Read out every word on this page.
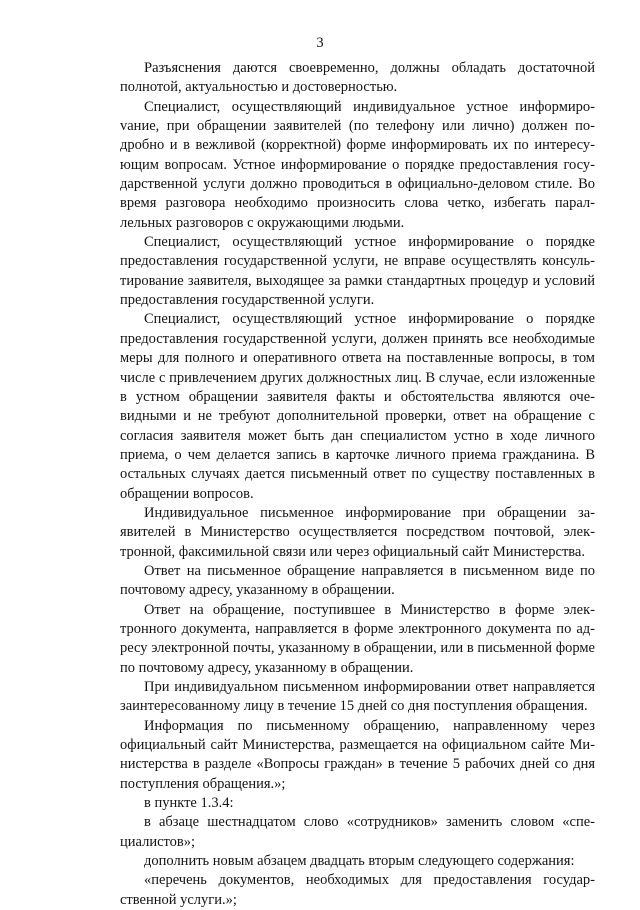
3

Разъяснения даются своевременно, должны обладать достаточной полнотой, актуальностью и достоверностью.

Специалист, осуществляющий индивидуальное устное информироvание, при обращении заявителей (по телефону или лично) должен подробно и в вежливой (корректной) форме информировать их по интересующим вопросам. Устное информирование о порядке предоставления государственной услуги должно проводиться в официально-деловом стиле. Во время разговора необходимо произносить слова четко, избегать параллельных разговоров с окружающими людьми.

Специалист, осуществляющий устное информирование о порядке предоставления государственной услуги, не вправе осуществлять консультирование заявителя, выходящее за рамки стандартных процедур и условий предоставления государственной услуги.

Специалист, осуществляющий устное информирование о порядке предоставления государственной услуги, должен принять все необходимые меры для полного и оперативного ответа на поставленные вопросы, в том числе с привлечением других должностных лиц. В случае, если изложенные в устном обращении заявителя факты и обстоятельства являются очевидными и не требуют дополнительной проверки, ответ на обращение с согласия заявителя может быть дан специалистом устно в ходе личного приема, о чем делается запись в карточке личного приема гражданина. В остальных случаях дается письменный ответ по существу поставленных в обращении вопросов.

Индивидуальное письменное информирование при обращении заявителей в Министерство осуществляется посредством почтовой, электронной, факсимильной связи или через официальный сайт Министерства.

Ответ на письменное обращение направляется в письменном виде по почтовому адресу, указанному в обращении.

Ответ на обращение, поступившее в Министерство в форме электронного документа, направляется в форме электронного документа по адресу электронной почты, указанному в обращении, или в письменной форме по почтовому адресу, указанному в обращении.

При индивидуальном письменном информировании ответ направляется заинтересованному лицу в течение 15 дней со дня поступления обращения.

Информация по письменному обращению, направленному через официальный сайт Министерства, размещается на официальном сайте Министерства в разделе «Вопросы граждан» в течение 5 рабочих дней со дня поступления обращения.»;

в пункте 1.3.4:

в абзаце шестнадцатом слово «сотрудников» заменить словом «специалистов»;

дополнить новым абзацем двадцать вторым следующего содержания:

«перечень документов, необходимых для предоставления государственной услуги.»;
